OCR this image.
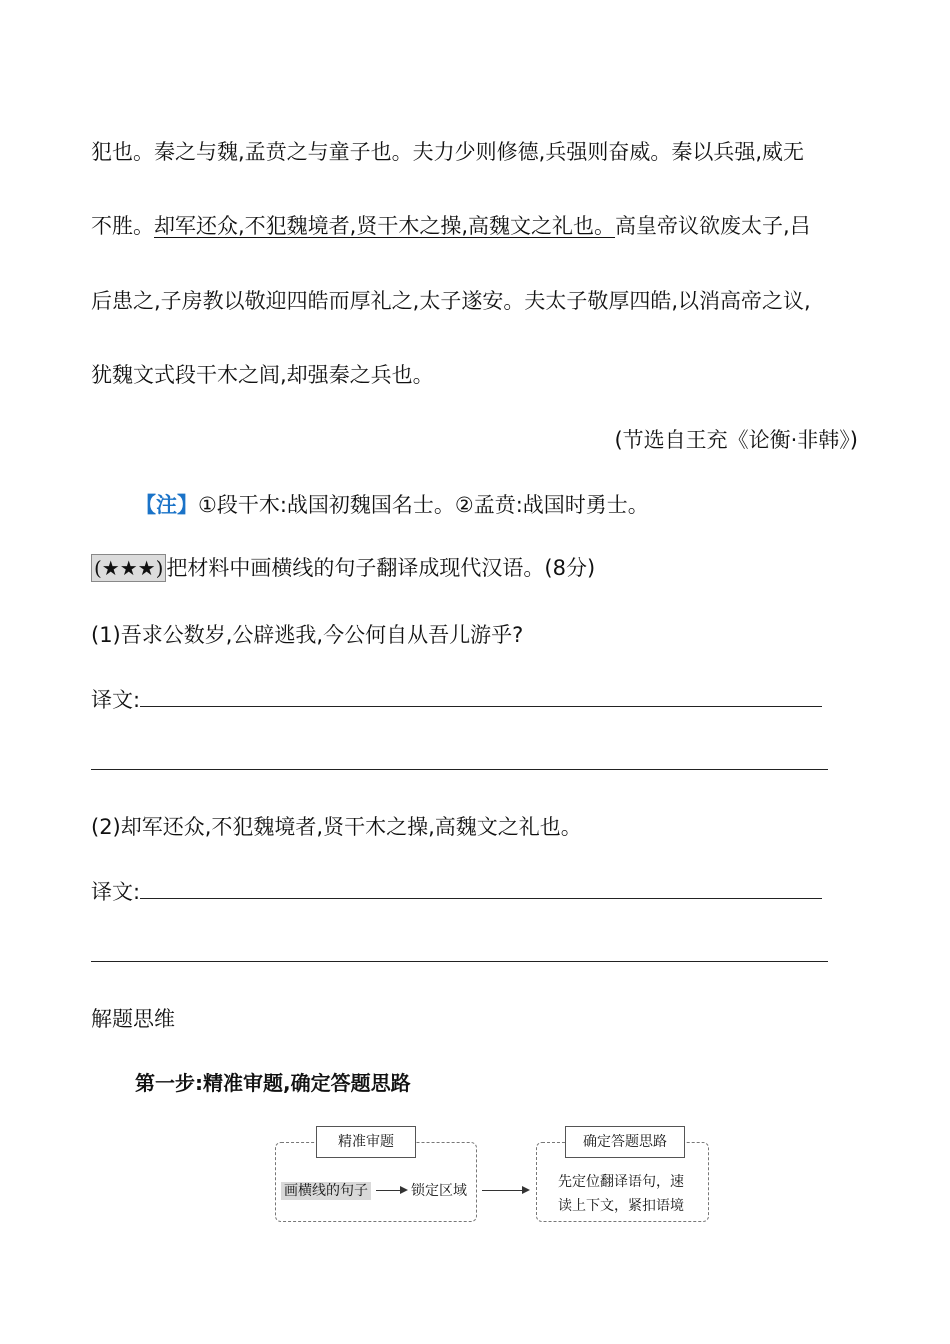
犯也。秦之与魏,孟贲之与童子也。夫力少则修德,兵强则奋威。秦以兵强,威无
不胜。却军还众,不犯魏境者,贤干木之操,高魏文之礼也。高皇帝议欲废太子,吕
后患之,子房教以敬迎四皓而厚礼之,太子遂安。夫太子敬厚四皓,以消高帝之议,
犹魏文式段干木之闾,却强秦之兵也。
(节选自王充《论衡·非韩》)
【注】①段干木:战国初魏国名士。②孟贲:战国时勇士。
(★★★) 把材料中画横线的句子翻译成现代汉语。(8分)
(1)吾求公数岁,公辟逃我,今公何自从吾儿游乎?
译文:
(2)却军还众,不犯魏境者,贤干木之操,高魏文之礼也。
译文:
解题思维
第一步:精准审题,确定答题思路
精准审题
画横线的句子	锁定区域
确定答题思路
先定位翻译语句，速
读上下文，紧扣语境
